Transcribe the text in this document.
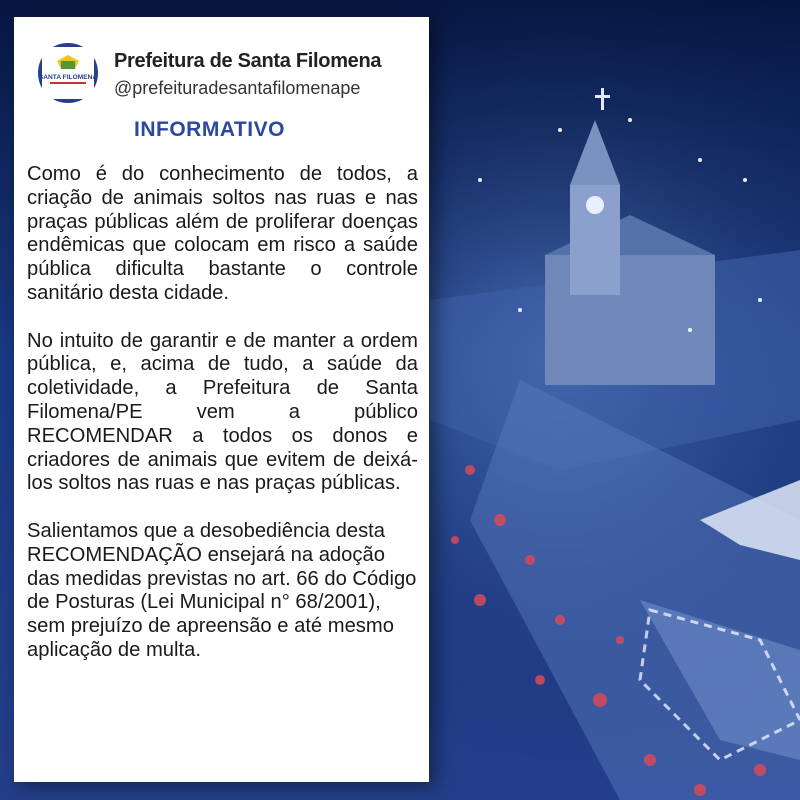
SANTA FILOMENA
Prefeitura de Santa Filomena
@prefeituradesantafilomenape
INFORMATIVO

Como é do conhecimento de todos, a criação de animais soltos nas ruas e nas praças públicas além de proliferar doenças endêmicas que colocam em risco a saúde pública dificulta bastante o controle sanitário desta cidade.

No intuito de garantir e de manter a ordem pública, e, acima de tudo, a saúde da coletividade, a Prefeitura de Santa Filomena/PE vem a público RECOMENDAR a todos os donos e criadores de animais que evitem de deixá-los soltos nas ruas e nas praças públicas.

Salientamos que a desobediência desta RECOMENDAÇÃO ensejará na adoção das medidas previstas no art. 66 do Código de Posturas (Lei Municipal n° 68/2001), sem prejuízo de apreensão e até mesmo aplicação de multa.
